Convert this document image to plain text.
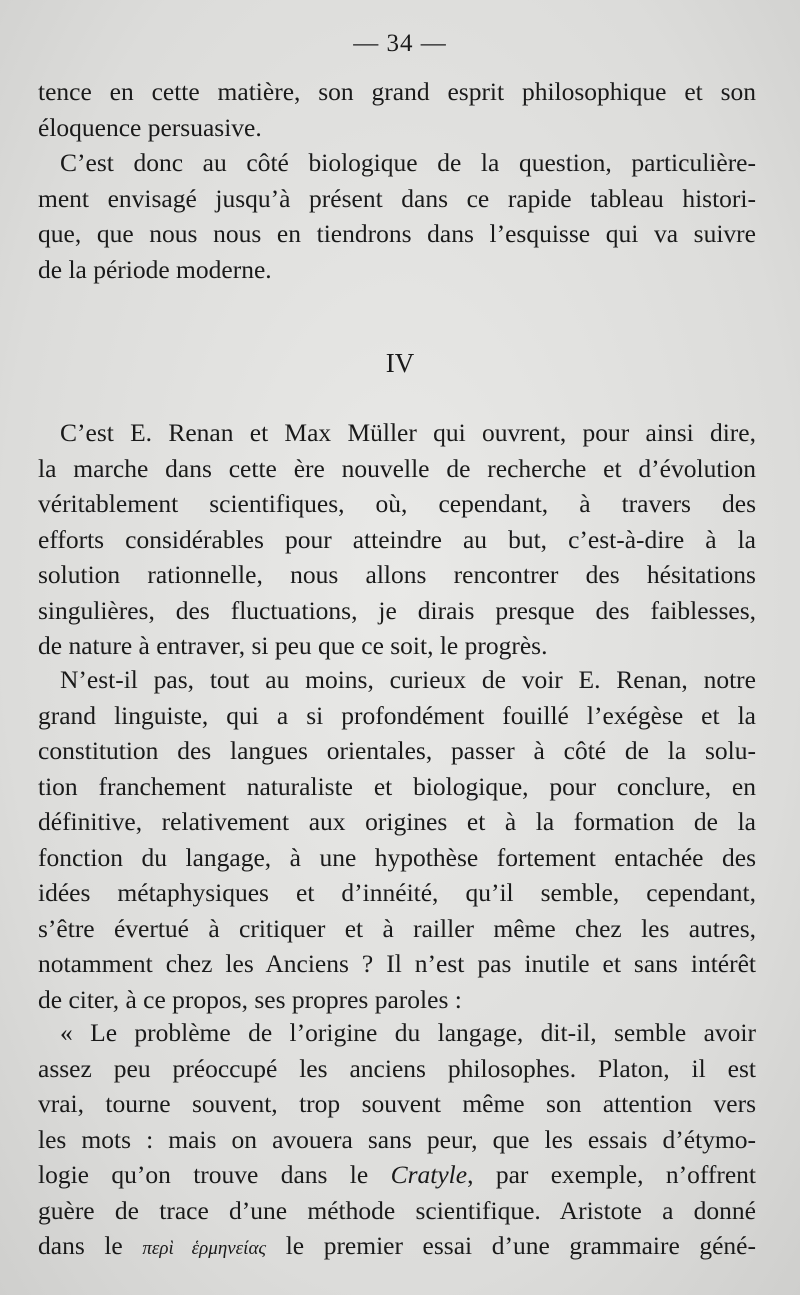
— 34 —
tence en cette matière, son grand esprit philosophique et son
éloquence persuasive.
C’est donc au côté biologique de la question, particulière-
ment envisagé jusqu’à présent dans ce rapide tableau histori-
que, que nous nous en tiendrons dans l’esquisse qui va suivre
de la période moderne.
IV
C’est E. Renan et Max Müller qui ouvrent, pour ainsi dire,
la marche dans cette ère nouvelle de recherche et d’évolution
véritablement scientifiques, où, cependant, à travers des
efforts considérables pour atteindre au but, c’est-à-dire à la
solution rationnelle, nous allons rencontrer des hésitations
singulières, des fluctuations, je dirais presque des faiblesses,
de nature à entraver, si peu que ce soit, le progrès.
N’est-il pas, tout au moins, curieux de voir E. Renan, notre
grand linguiste, qui a si profondément fouillé l’exégèse et la
constitution des langues orientales, passer à côté de la solu-
tion franchement naturaliste et biologique, pour conclure, en
définitive, relativement aux origines et à la formation de la
fonction du langage, à une hypothèse fortement entachée des
idées métaphysiques et d’innéité, qu’il semble, cependant,
s’être évertué à critiquer et à railler même chez les autres,
notamment chez les Anciens ? Il n’est pas inutile et sans intérêt
de citer, à ce propos, ses propres paroles :
« Le problème de l’origine du langage, dit-il, semble avoir
assez peu préoccupé les anciens philosophes. Platon, il est
vrai, tourne souvent, trop souvent même son attention vers
les mots : mais on avouera sans peur, que les essais d’étymo-
logie qu’on trouve dans le Cratyle, par exemple, n’offrent
guère de trace d’une méthode scientifique. Aristote a donné
dans le περὶ ἑρμηνείας le premier essai d’une grammaire géné-
